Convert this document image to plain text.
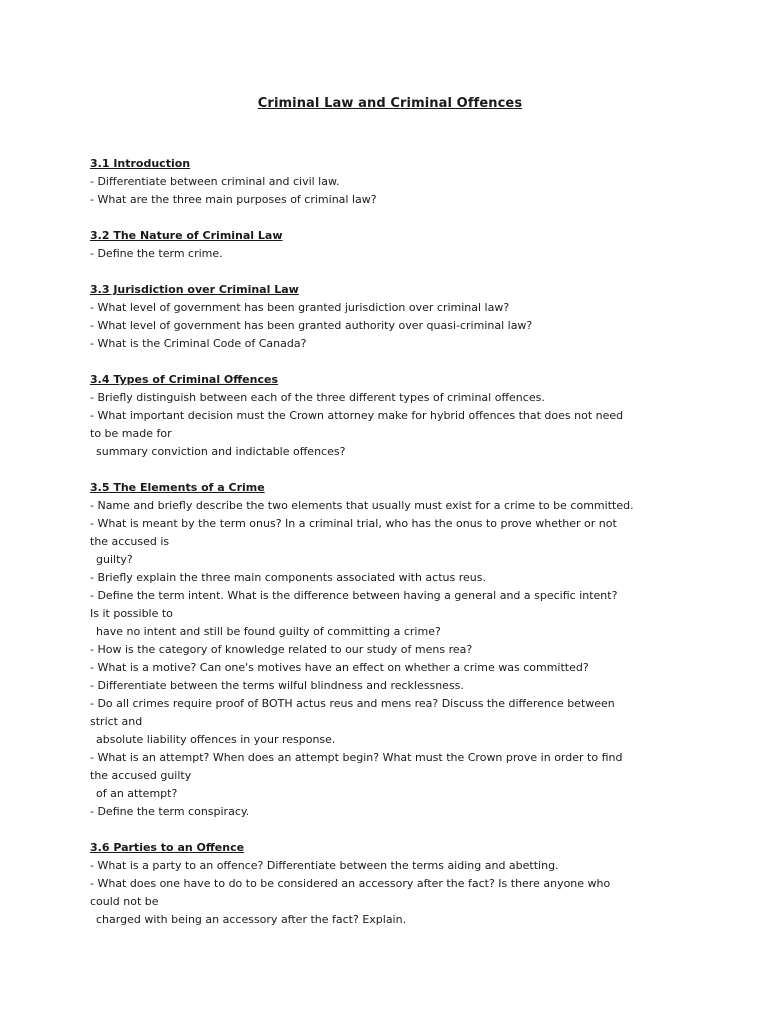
Criminal Law and Criminal Offences

3.1 Introduction

- Differentiate between criminal and civil law.

- What are the three main purposes of criminal law?

3.2 The Nature of Criminal Law

- Define the term crime.

3.3 Jurisdiction over Criminal Law

- What level of government has been granted jurisdiction over criminal law?

- What level of government has been granted authority over quasi-criminal law?

- What is the Criminal Code of Canada?

3.4 Types of Criminal Offences

- Briefly distinguish between each of the three different types of criminal offences.

- What important decision must the Crown attorney make for hybrid offences that does not need

to be made for

summary conviction and indictable offences?

3.5 The Elements of a Crime

- Name and briefly describe the two elements that usually must exist for a crime to be committed.

- What is meant by the term onus? In a criminal trial, who has the onus to prove whether or not

the accused is

guilty?

- Briefly explain the three main components associated with actus reus.

- Define the term intent. What is the difference between having a general and a specific intent?

Is it possible to

have no intent and still be found guilty of committing a crime?

- How is the category of knowledge related to our study of mens rea?

- What is a motive? Can one's motives have an effect on whether a crime was committed?

- Differentiate between the terms wilful blindness and recklessness.

- Do all crimes require proof of BOTH actus reus and mens rea? Discuss the difference between

strict and

absolute liability offences in your response.

- What is an attempt? When does an attempt begin? What must the Crown prove in order to find

the accused guilty

of an attempt?

- Define the term conspiracy.

3.6 Parties to an Offence

- What is a party to an offence? Differentiate between the terms aiding and abetting.

- What does one have to do to be considered an accessory after the fact? Is there anyone who

could not be

charged with being an accessory after the fact? Explain.
